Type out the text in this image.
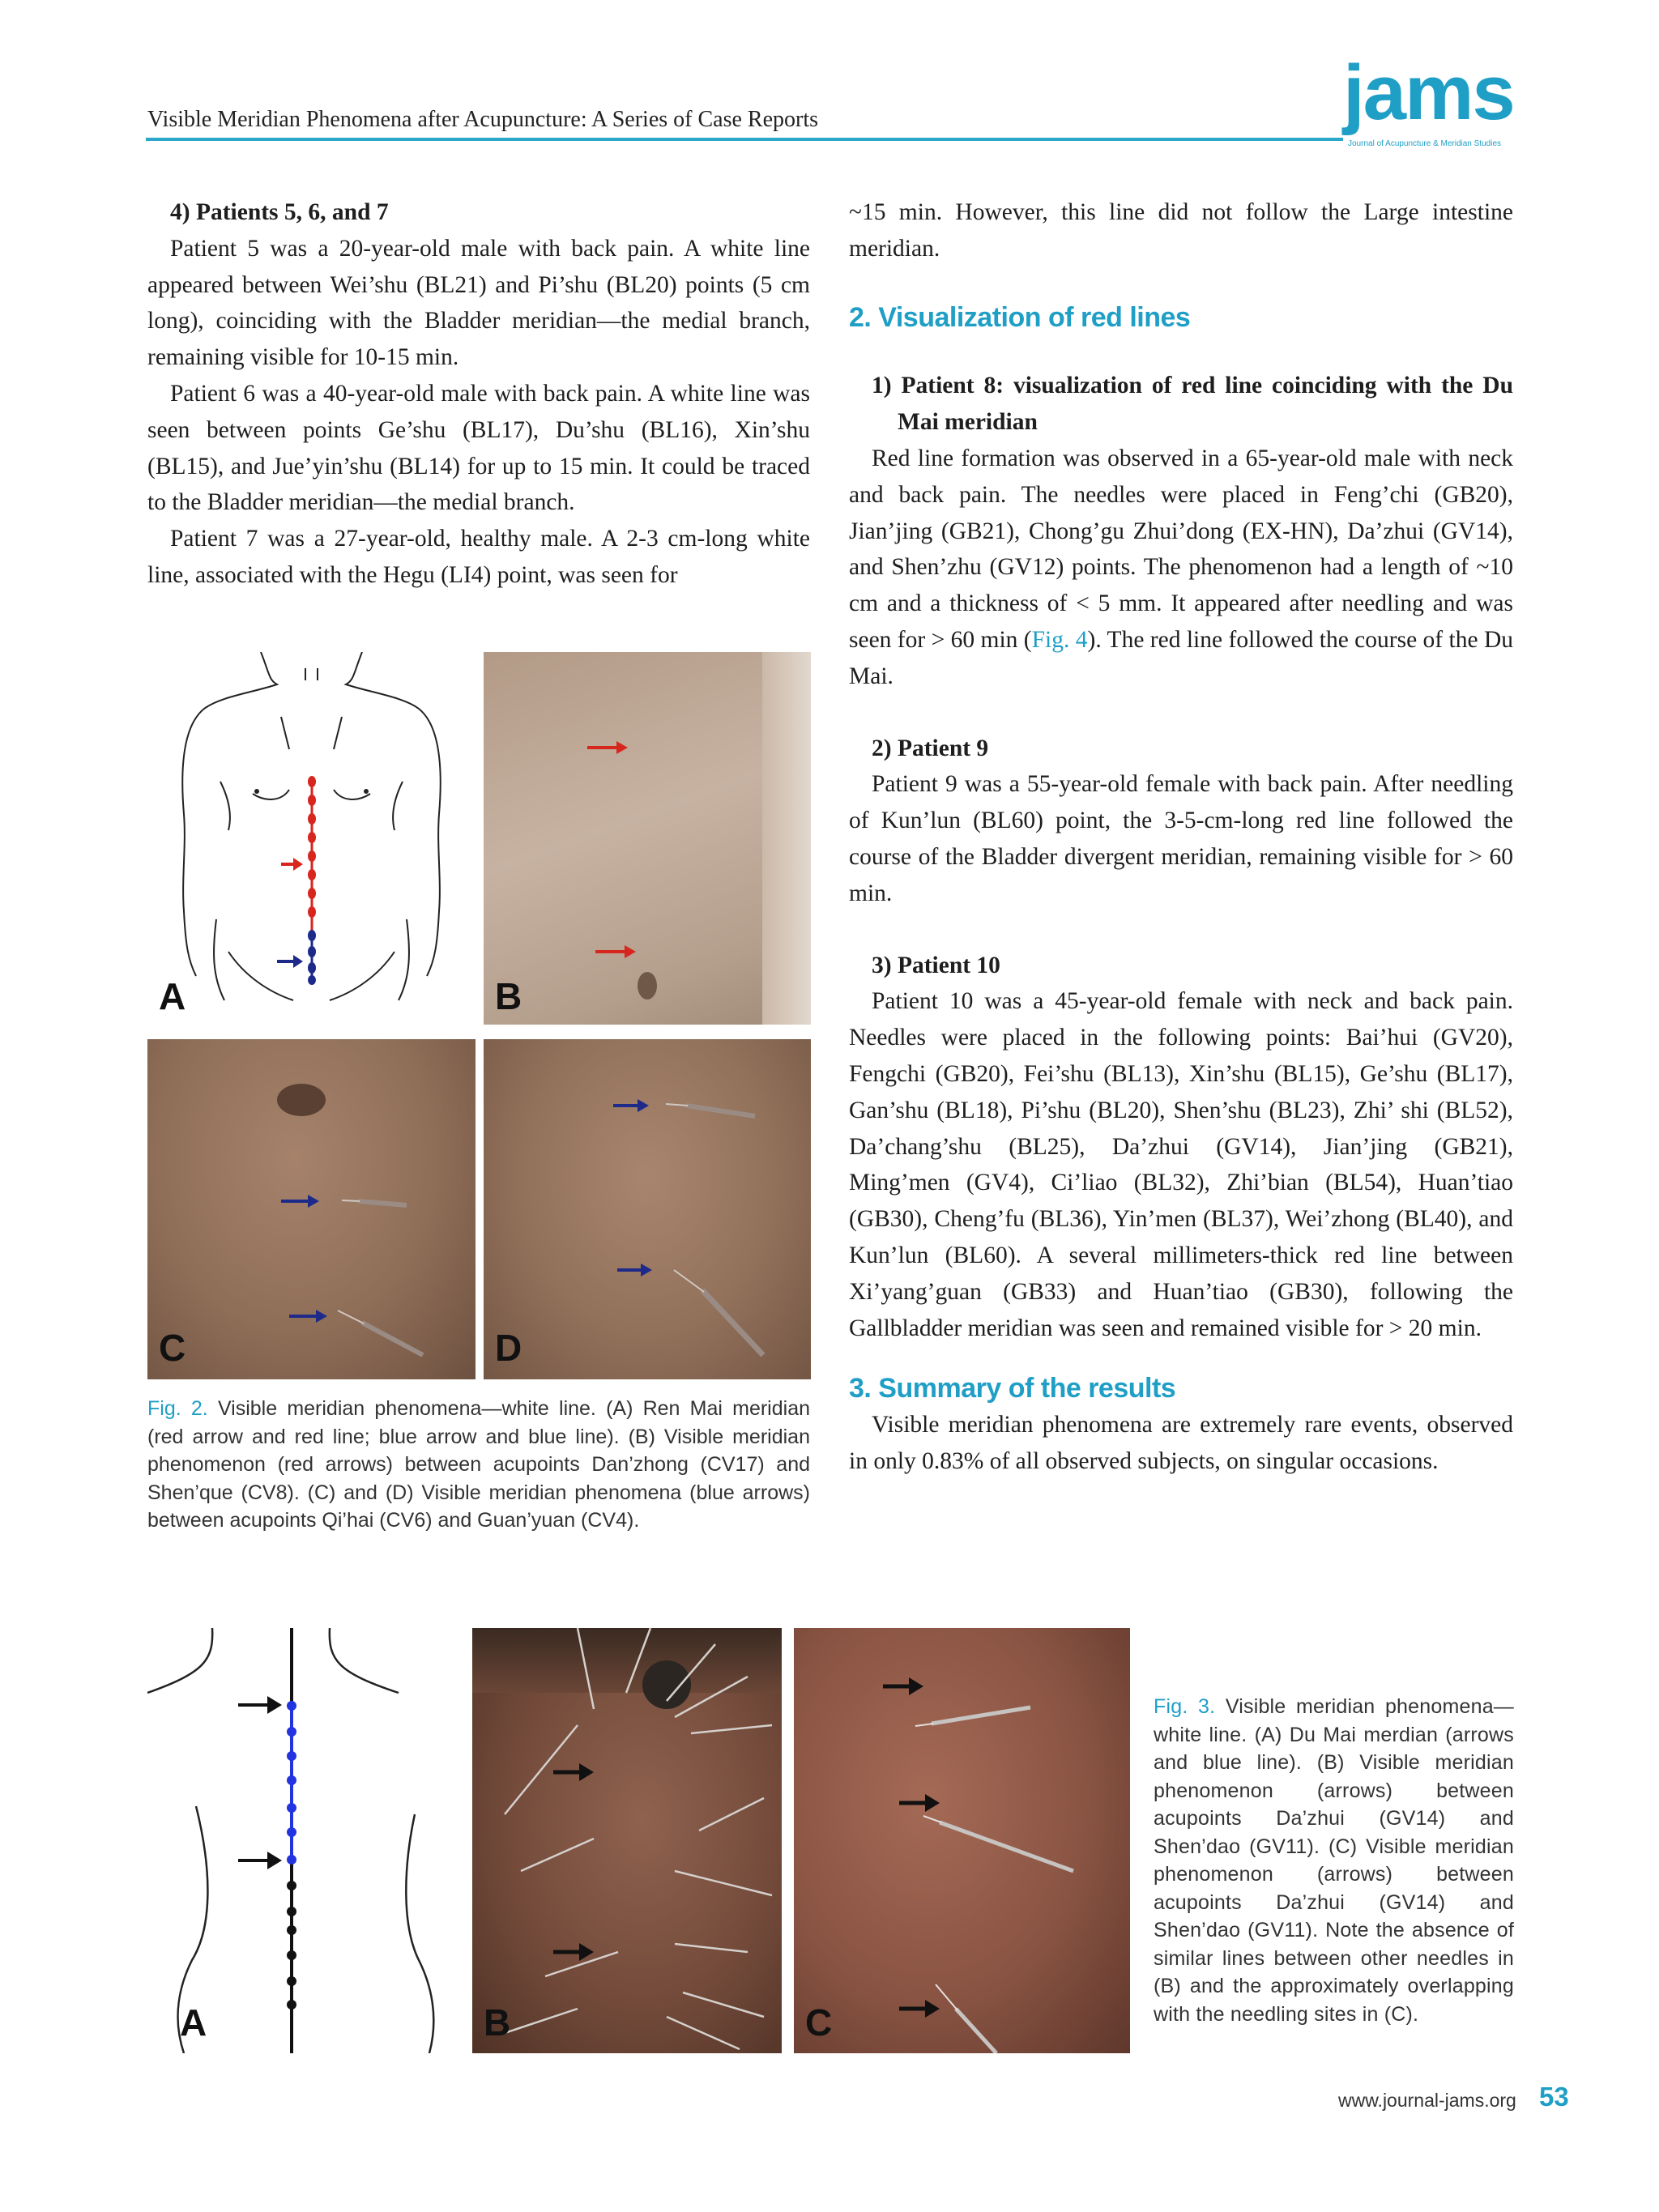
Visible Meridian Phenomena after Acupuncture: A Series of Case Reports	jams
Journal of Acupuncture & Meridian Studies
4) Patients 5, 6, and 7

Patient 5 was a 20-year-old male with back pain. A white line appeared between Wei’shu (BL21) and Pi’shu (BL20) points (5 cm long), coinciding with the Bladder meridian—the medial branch, remaining visible for 10-15 min.

Patient 6 was a 40-year-old male with back pain. A white line was seen between points Ge’shu (BL17), Du’shu (BL16), Xin’shu (BL15), and Jue’yin’shu (BL14) for up to 15 min. It could be traced to the Bladder meridian—the medial branch.

Patient 7 was a 27-year-old, healthy male. A 2-3 cm-long white line, associated with the Hegu (LI4) point, was seen for

~15 min. However, this line did not follow the Large intestine meridian.
2. Visualization of red lines
1) Patient 8: visualization of red line coinciding with the Du Mai meridian

Red line formation was observed in a 65-year-old male with neck and back pain. The needles were placed in Feng’chi (GB20), Jian’jing (GB21), Chong’gu Zhui’dong (EX-HN), Da’zhui (GV14), and Shen’zhu (GV12) points. The phenomenon had a length of ~10 cm and a thickness of < 5 mm. It appeared after needling and was seen for > 60 min (Fig. 4). The red line followed the course of the Du Mai.

2) Patient 9

Patient 9 was a 55-year-old female with back pain. After needling of Kun’lun (BL60) point, the 3-5-cm-long red line followed the course of the Bladder divergent meridian, remaining visible for > 60 min.

3) Patient 10

Patient 10 was a 45-year-old female with neck and back pain. Needles were placed in the following points: Bai’hui (GV20), Fengchi (GB20), Fei’shu (BL13), Xin’shu (BL15), Ge’shu (BL17), Gan’shu (BL18), Pi’shu (BL20), Shen’shu (BL23), Zhi’ shi (BL52), Da’chang’shu (BL25), Da’zhui (GV14), Jian’jing (GB21), Ming’men (GV4), Ci’liao (BL32), Zhi’bian (BL54), Huan’tiao (GB30), Cheng’fu (BL36), Yin’men (BL37), Wei’zhong (BL40), and Kun’lun (BL60). A several millimeters-thick red line between Xi’yang’guan (GB33) and Huan’tiao (GB30), following the Gallbladder meridian was seen and remained visible for > 20 min.

3. Summary of the results

Visible meridian phenomena are extremely rare events, observed in only 0.83% of all observed subjects, on singular occasions.

A	B
C	D
Fig. 2. Visible meridian phenomena—white line. (A) Ren Mai meridian (red arrow and red line; blue arrow and blue line). (B) Visible meridian phenomenon (red arrows) between acupoints Dan’zhong (CV17) and Shen’que (CV8). (C) and (D) Visible meridian phenomena (blue arrows) between acupoints Qi’hai (CV6) and Guan’yuan (CV4).
A	B	C
Fig. 3. Visible meridian phenomena—white line. (A) Du Mai merdian (arrows and blue line). (B) Visible meridian phenomenon (arrows) between acupoints Da’zhui (GV14) and Shen’dao (GV11). (C) Visible meridian phenomenon (arrows) between acupoints Da’zhui (GV14) and Shen’dao (GV11). Note the absence of similar lines between other needles in (B) and the approximately overlapping with the needling sites in (C).
www.journal-jams.org 53
